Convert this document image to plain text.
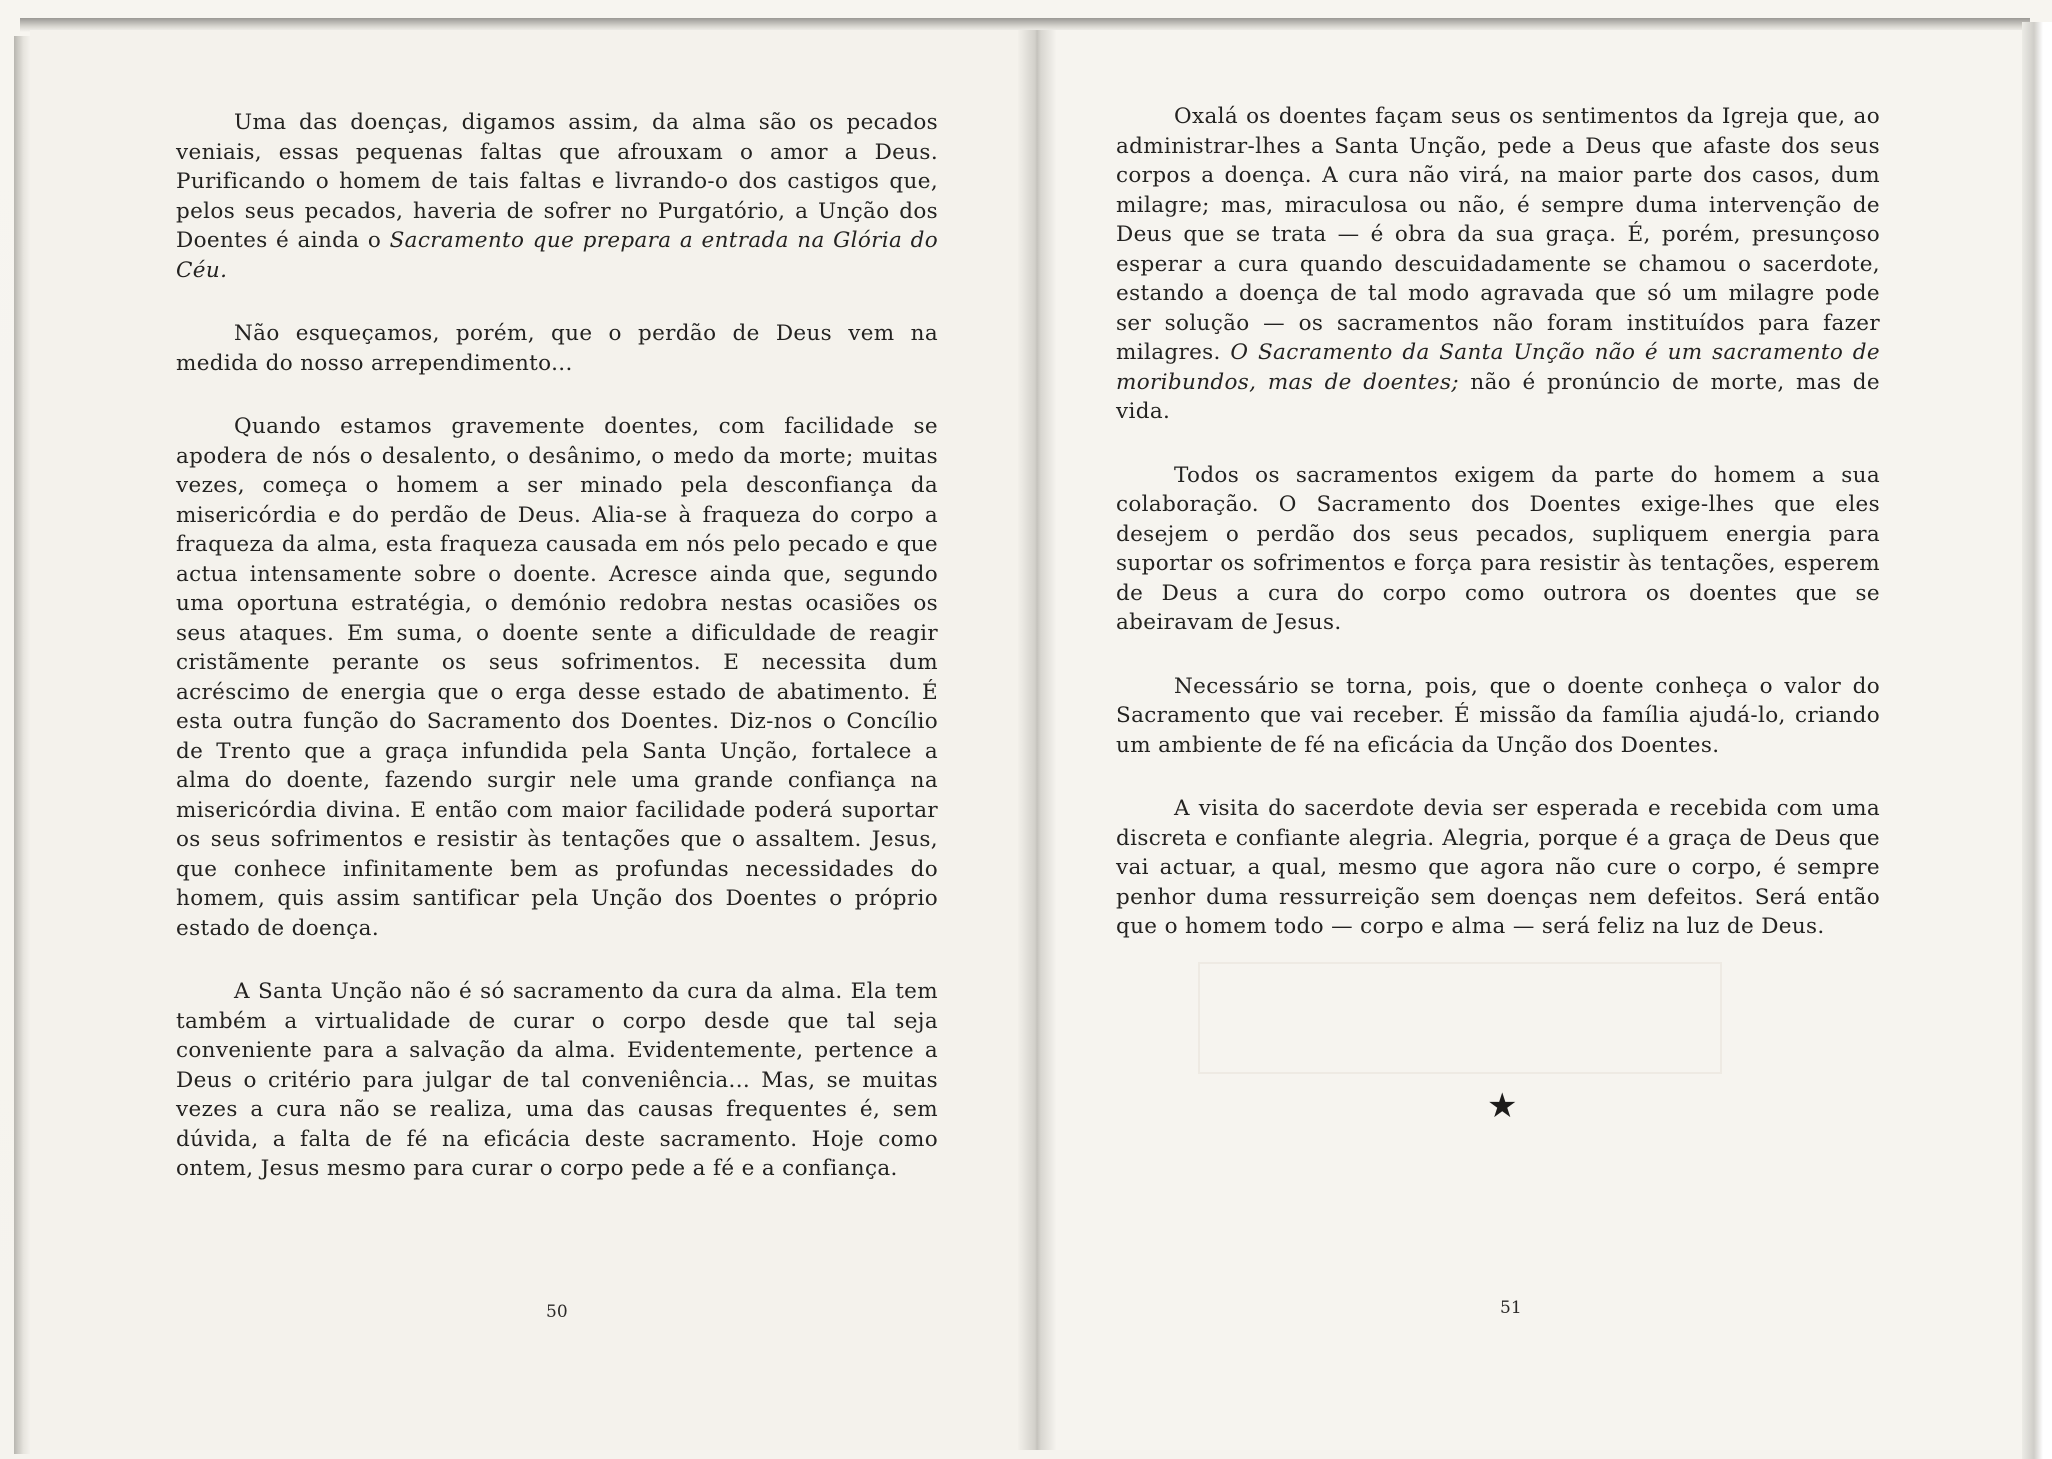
Uma das doenças, digamos assim, da alma são os pecados veniais, essas pequenas faltas que afrouxam o amor a Deus. Purificando o homem de tais faltas e livrando-o dos castigos que, pelos seus pecados, haveria de sofrer no Purgatório, a Unção dos Doentes é ainda o Sacramento que prepara a entrada na Glória do Céu.

Não esqueçamos, porém, que o perdão de Deus vem na medida do nosso arrependimento...

Quando estamos gravemente doentes, com facilidade se apodera de nós o desalento, o desânimo, o medo da morte; muitas vezes, começa o homem a ser minado pela desconfiança da misericórdia e do perdão de Deus. Alia-se à fraqueza do corpo a fraqueza da alma, esta fraqueza causada em nós pelo pecado e que actua intensamente sobre o doente. Acresce ainda que, segundo uma oportuna estratégia, o demónio redobra nestas ocasiões os seus ataques. Em suma, o doente sente a dificuldade de reagir cristãmente perante os seus sofrimentos. E necessita dum acréscimo de energia que o erga desse estado de abatimento. É esta outra função do Sacramento dos Doentes. Diz-nos o Concílio de Trento que a graça infundida pela Santa Unção, fortalece a alma do doente, fazendo surgir nele uma grande confiança na misericórdia divina. E então com maior facilidade poderá suportar os seus sofrimentos e resistir às tentações que o assaltem. Jesus, que conhece infinitamente bem as profundas necessidades do homem, quis assim santificar pela Unção dos Doentes o próprio estado de doença.

A Santa Unção não é só sacramento da cura da alma. Ela tem também a virtualidade de curar o corpo desde que tal seja conveniente para a salvação da alma. Evidentemente, pertence a Deus o critério para julgar de tal conveniência... Mas, se muitas vezes a cura não se realiza, uma das causas frequentes é, sem dúvida, a falta de fé na eficácia deste sacramento. Hoje como ontem, Jesus mesmo para curar o corpo pede a fé e a confiança.

50

Oxalá os doentes façam seus os sentimentos da Igreja que, ao administrar-lhes a Santa Unção, pede a Deus que afaste dos seus corpos a doença. A cura não virá, na maior parte dos casos, dum milagre; mas, miraculosa ou não, é sempre duma intervenção de Deus que se trata — é obra da sua graça. É, porém, presunçoso esperar a cura quando descuidadamente se chamou o sacerdote, estando a doença de tal modo agravada que só um milagre pode ser solução — os sacramentos não foram instituídos para fazer milagres. O Sacramento da Santa Unção não é um sacramento de moribundos, mas de doentes; não é pronúncio de morte, mas de vida.

Todos os sacramentos exigem da parte do homem a sua colaboração. O Sacramento dos Doentes exige-lhes que eles desejem o perdão dos seus pecados, supliquem energia para suportar os sofrimentos e força para resistir às tentações, esperem de Deus a cura do corpo como outrora os doentes que se abeiravam de Jesus.

Necessário se torna, pois, que o doente conheça o valor do Sacramento que vai receber. É missão da família ajudá-lo, criando um ambiente de fé na eficácia da Unção dos Doentes.

A visita do sacerdote devia ser esperada e recebida com uma discreta e confiante alegria. Alegria, porque é a graça de Deus que vai actuar, a qual, mesmo que agora não cure o corpo, é sempre penhor duma ressurreição sem doenças nem defeitos. Será então que o homem todo — corpo e alma — será feliz na luz de Deus.

★
51
